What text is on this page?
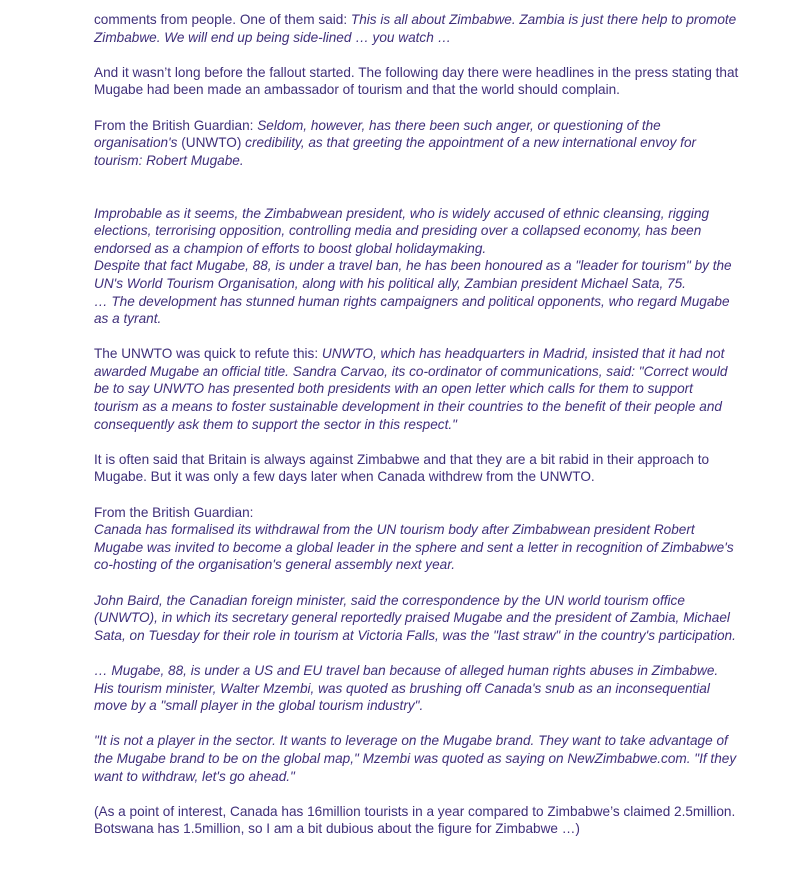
comments from people. One of them said: This is all about Zimbabwe. Zambia is just there help to promote Zimbabwe. We will end up being side-lined … you watch …

And it wasn’t long before the fallout started. The following day there were headlines in the press stating that Mugabe had been made an ambassador of tourism and that the world should complain.

From the British Guardian: Seldom, however, has there been such anger, or questioning of the organisation's (UNWTO) credibility, as that greeting the appointment of a new international envoy for tourism: Robert Mugabe.

Improbable as it seems, the Zimbabwean president, who is widely accused of ethnic cleansing, rigging elections, terrorising opposition, controlling media and presiding over a collapsed economy, has been endorsed as a champion of efforts to boost global holidaymaking.

Despite that fact Mugabe, 88, is under a travel ban, he has been honoured as a "leader for tourism" by the UN's World Tourism Organisation, along with his political ally, Zambian president Michael Sata, 75.

… The development has stunned human rights campaigners and political opponents, who regard Mugabe as a tyrant.

The UNWTO was quick to refute this: UNWTO, which has headquarters in Madrid, insisted that it had not awarded Mugabe an official title. Sandra Carvao, its co-ordinator of communications, said: "Correct would be to say UNWTO has presented both presidents with an open letter which calls for them to support tourism as a means to foster sustainable development in their countries to the benefit of their people and consequently ask them to support the sector in this respect."

It is often said that Britain is always against Zimbabwe and that they are a bit rabid in their approach to Mugabe. But it was only a few days later when Canada withdrew from the UNWTO.

From the British Guardian:

Canada has formalised its withdrawal from the UN tourism body after Zimbabwean president Robert Mugabe was invited to become a global leader in the sphere and sent a letter in recognition of Zimbabwe's co-hosting of the organisation's general assembly next year.

John Baird, the Canadian foreign minister, said the correspondence by the UN world tourism office (UNWTO), in which its secretary general reportedly praised Mugabe and the president of Zambia, Michael Sata, on Tuesday for their role in tourism at Victoria Falls, was the "last straw" in the country's participation.

… Mugabe, 88, is under a US and EU travel ban because of alleged human rights abuses in Zimbabwe. His tourism minister, Walter Mzembi, was quoted as brushing off Canada's snub as an inconsequential move by a "small player in the global tourism industry".

"It is not a player in the sector. It wants to leverage on the Mugabe brand. They want to take advantage of the Mugabe brand to be on the global map," Mzembi was quoted as saying on NewZimbabwe.com. "If they want to withdraw, let's go ahead."

(As a point of interest, Canada has 16million tourists in a year compared to Zimbabwe’s claimed 2.5million. Botswana has 1.5million, so I am a bit dubious about the figure for Zimbabwe …)
